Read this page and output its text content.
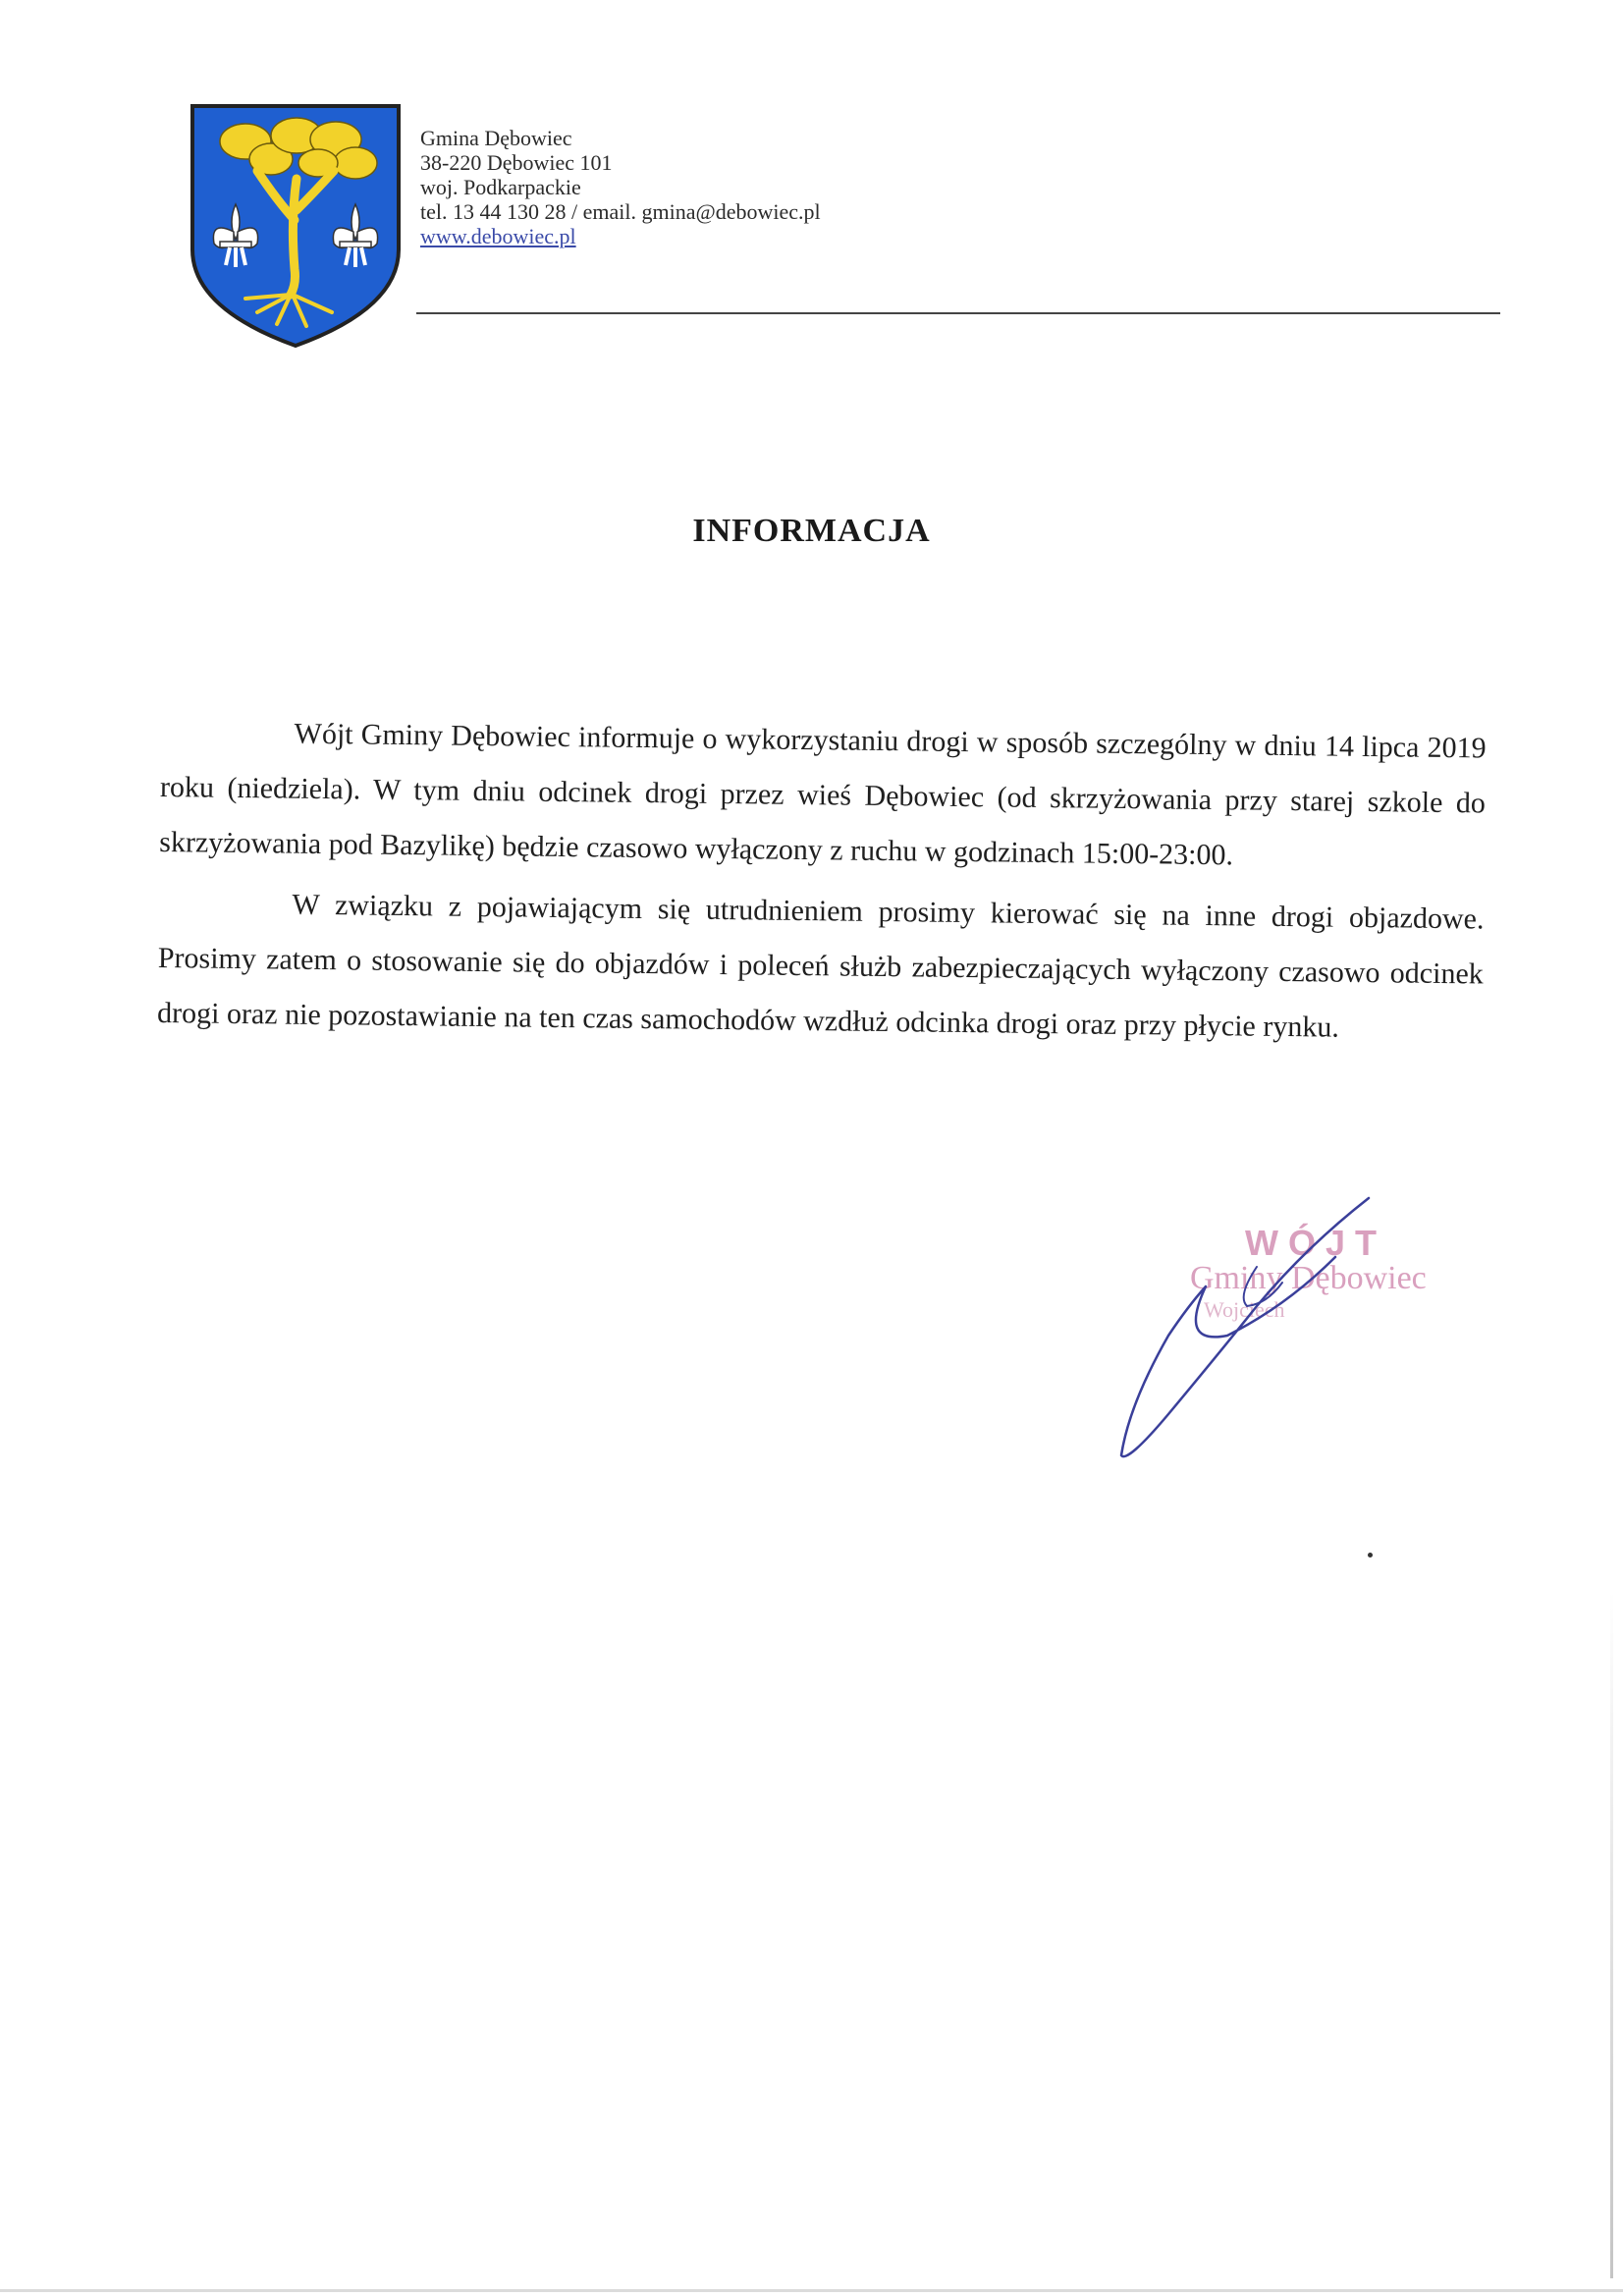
Gmina Dębowiec
38-220 Dębowiec 101
woj. Podkarpackie
tel. 13 44 130 28 / email. gmina@debowiec.pl
www.debowiec.pl
INFORMACJA

Wójt Gminy Dębowiec informuje o wykorzystaniu drogi w sposób szczególny w dniu 14 lipca 2019 roku (niedziela). W tym dniu odcinek drogi przez wieś Dębowiec (od skrzyżowania przy starej szkole do skrzyżowania pod Bazylikę) będzie czasowo wyłączony z ruchu w godzinach 15:00-23:00.

W związku z pojawiającym się utrudnieniem prosimy kierować się na inne drogi objazdowe. Prosimy zatem o stosowanie się do objazdów i poleceń służb zabezpieczających wyłączony czasowo odcinek drogi oraz nie pozostawianie na ten czas samochodów wzdłuż odcinka drogi oraz przy płycie rynku.

WÓJT
Gminy Dębowiec
Wojciech
